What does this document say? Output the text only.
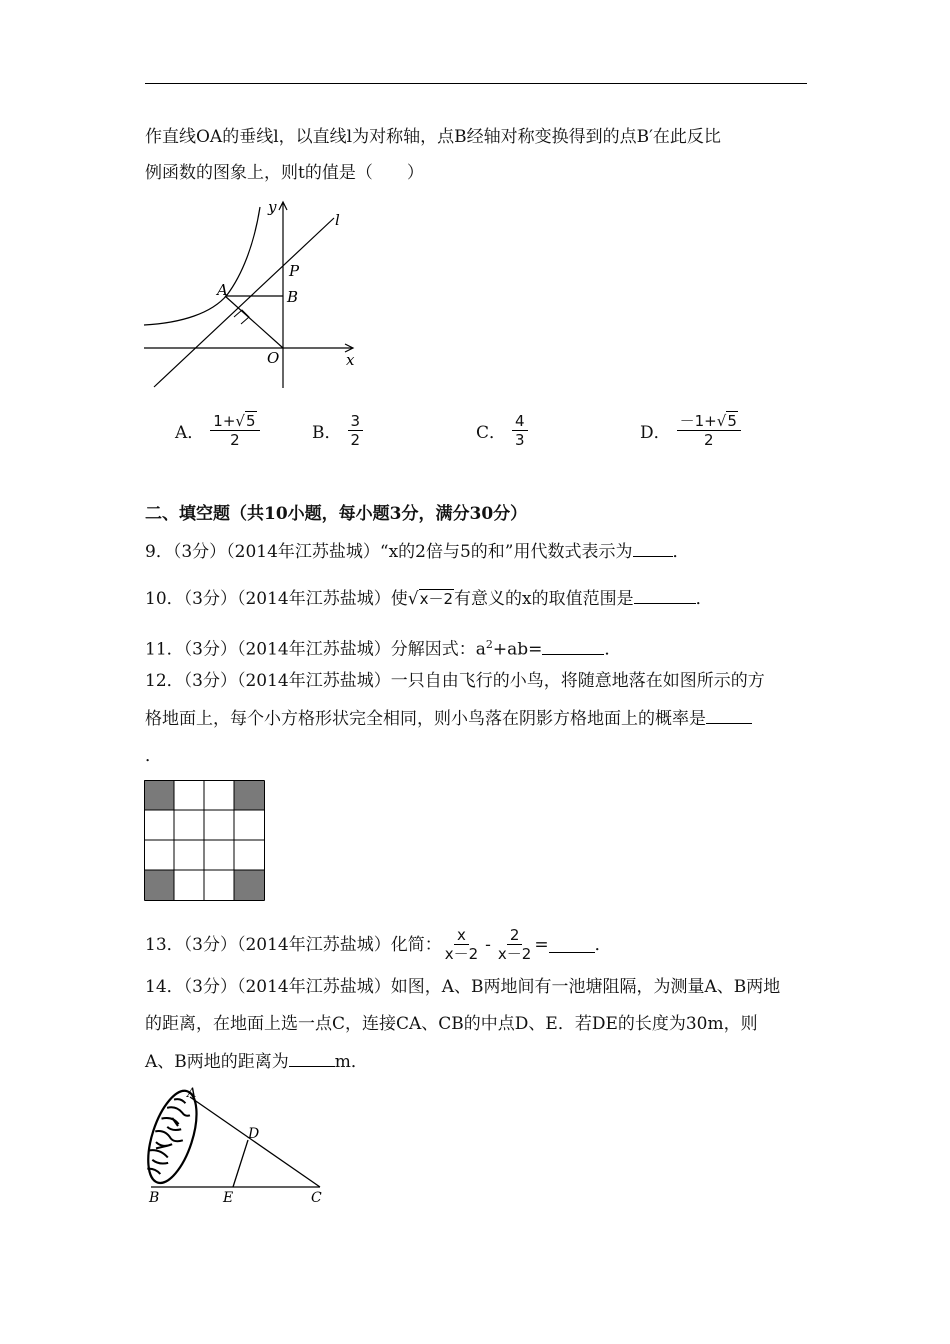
作直线OA的垂线l，以直线l为对称轴，点B经轴对称变换得到的点B′在此反比
例函数的图象上，则t的值是（　　）
y
l
P
A	B
O	x
A． $\frac{1+√5}{2}$	B． $\frac{3}{2}$	C． $\frac{4}{3}$	D． $\frac{-1+√5}{2}$
二、填空题（共10小题，每小题3分，满分30分）
9．（3分）（2014年江苏盐城）“x的2倍与5的和”用代数式表示为 ．
10．（3分）（2014年江苏盐城）使√x－2有意义的x的取值范围是	．
11．（3分）（2014年江苏盐城）分解因式：$a^2+ab=$	．
12．（3分）（2014年江苏盐城）一只自由飞行的小鸟，将随意地落在如图所示的方
格地面上，每个小方格形状完全相同，则小鸟落在阴影方格地面上的概率是
．
13．（3分）（2014年江苏盐城）化简： $\frac{x}{x-2} - \frac{2}{x-2}$ =	．
14．（3分）（2014年江苏盐城）如图，A、B两地间有一池塘阻隔，为测量A、B两地
的距离，在地面上选一点C，连接CA、CB的中点D、E．若DE的长度为30m，则
A、B两地的距离为	m．
A
D
B	E	C
